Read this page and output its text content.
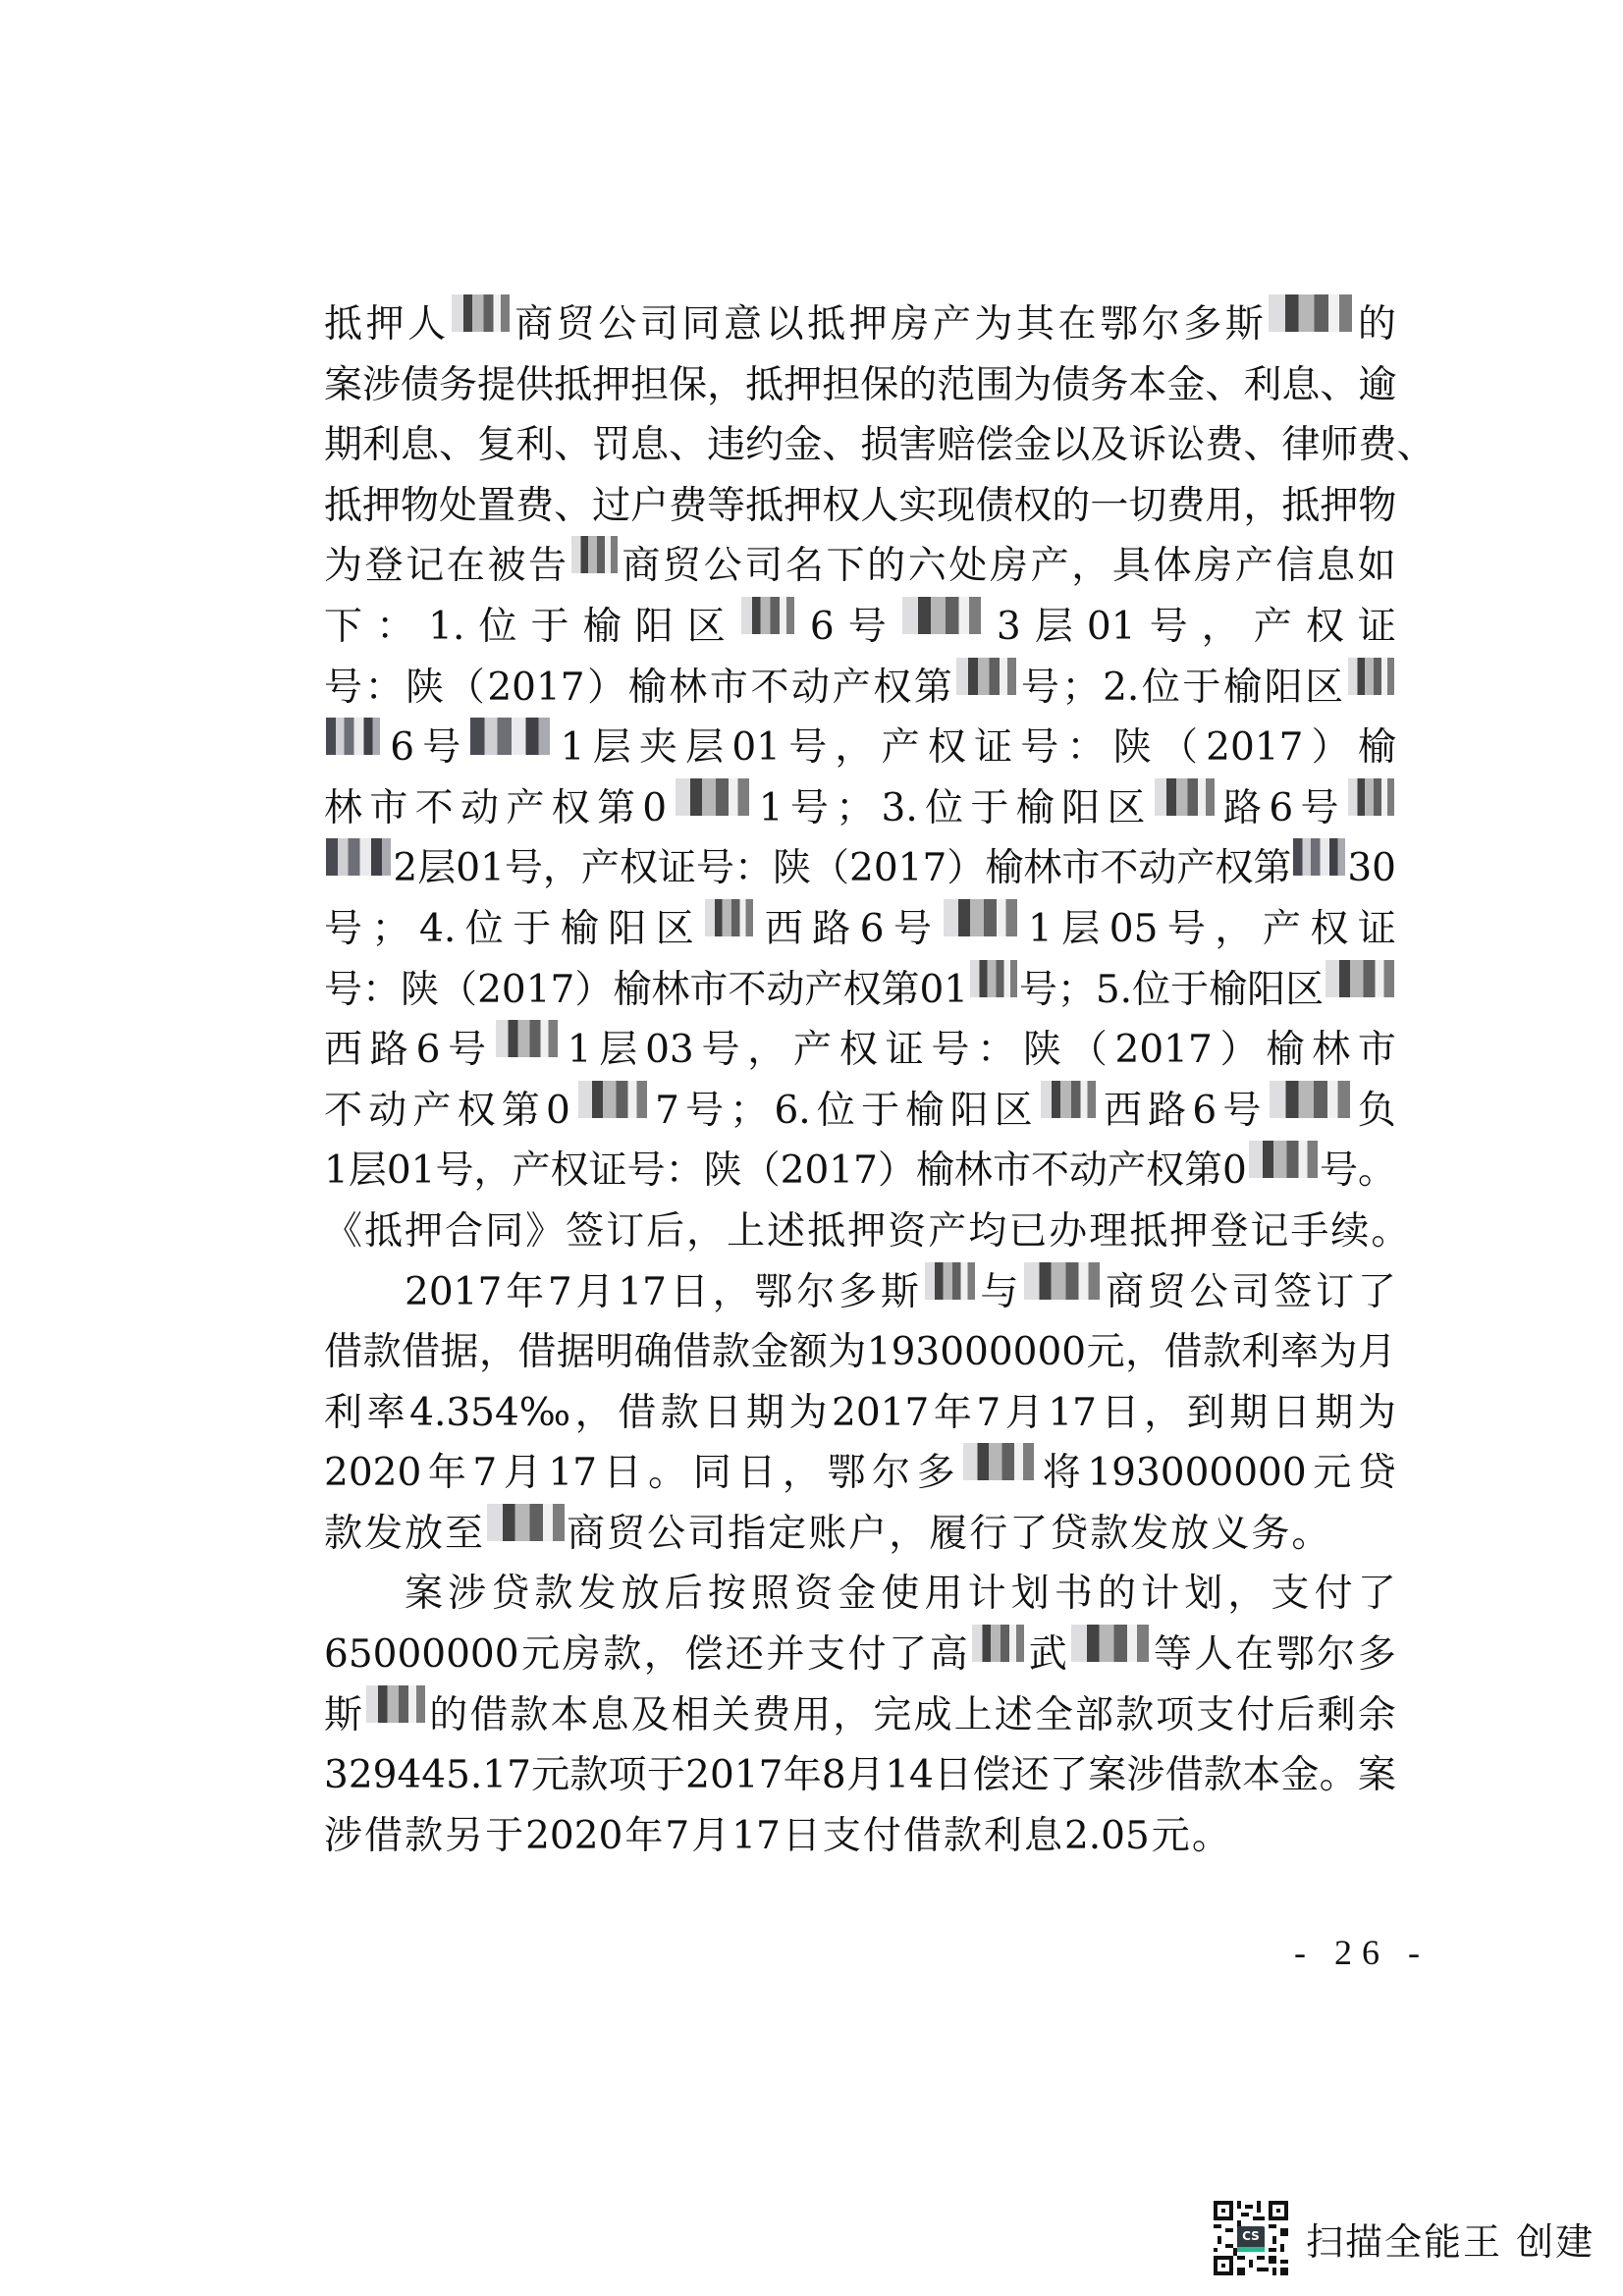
抵 押 人 商 贸 公 司 同 意 以 抵 押 房 产 为 其 在 鄂 尔 多 斯 的
案 涉 债 务 提 供 抵 押 担 保 ， 抵 押 担 保 的 范 围 为 债 务 本 金 、 利 息 、 逾
期 利 息 、 复 利 、 罚 息 、 违 约 金 、 损 害 赔 偿 金 以 及 诉 讼 费 、 律 师 费 、
抵 押 物 处 置 费 、 过 户 费 等 抵 押 权 人 实 现 债 权 的 一 切 费 用 ， 抵 押 物
为 登 记 在 被 告 商 贸 公 司 名 下 的 六 处 房 产 ， 具 体 房 产 信 息 如
下 ： 1. 位 于 榆 阳 区 6 号	3 层 01 号 ， 产 权 证
号 ： 陕 （ 2017 ） 榆 林 市 不 动 产 权 第 号 ； 2. 位 于 榆 阳 区
6 号	1 层 夹 层 01 号 ， 产 权 证 号 ： 陕 （ 2017 ） 榆
林 市 不 动 产 权 第 0 1 号 ； 3. 位 于 榆 阳 区 路 6 号
2 层 01 号 ， 产 权 证 号 ： 陕 （ 2017 ） 榆 林 市 不 动 产 权 第 30
号 ； 4. 位 于 榆 阳 区 西 路 6 号	1 层 05 号 ， 产 权 证
号 ： 陕 （ 2017 ） 榆 林 市 不 动 产 权 第 01 号 ； 5. 位 于 榆 阳 区
西 路 6 号 1 层 03 号 ， 产 权 证 号 ： 陕 （ 2017 ） 榆 林 市
不 动 产 权 第 0 7 号 ； 6. 位 于 榆 阳 区 西 路 6 号	负
1 层 01 号 ， 产 权 证 号 ： 陕 （ 2017 ） 榆 林 市 不 动 产 权 第 0 号 。
《 抵 押 合 同 》 签 订 后 ， 上 述 抵 押 资 产 均 已 办 理 抵 押 登 记 手 续 。
2017 年 7 月 17 日 ， 鄂 尔 多 斯 与 商 贸 公 司 签 订 了
借 款 借 据 ， 借 据 明 确 借 款 金 额 为 193000000 元 ， 借 款 利 率 为 月
利 率 4.354‰ ， 借 款 日 期 为 2017 年 7 月 17 日 ， 到 期 日 期 为
2020 年 7 月 17 日 。 同 日 ， 鄂 尔 多 将 193000000 元 贷
款 发 放 至 商 贸 公 司 指 定 账 户 ， 履 行 了 贷 款 发 放 义 务 。
案 涉 贷 款 发 放 后 按 照 资 金 使 用 计 划 书 的 计 划 ， 支 付 了
65000000 元 房 款 ， 偿 还 并 支 付 了 高 武 等 人 在 鄂 尔 多
斯 的 借 款 本 息 及 相 关 费 用 ， 完 成 上 述 全 部 款 项 支 付 后 剩 余
329445.17 元 款 项 于 2017 年 8 月 14 日 偿 还 了 案 涉 借 款 本 金 。 案
涉 借 款 另 于 2020 年 7 月 17 日 支 付 借 款 利 息 2.05 元 。
- 26 -
CS 扫描全能王 创建
